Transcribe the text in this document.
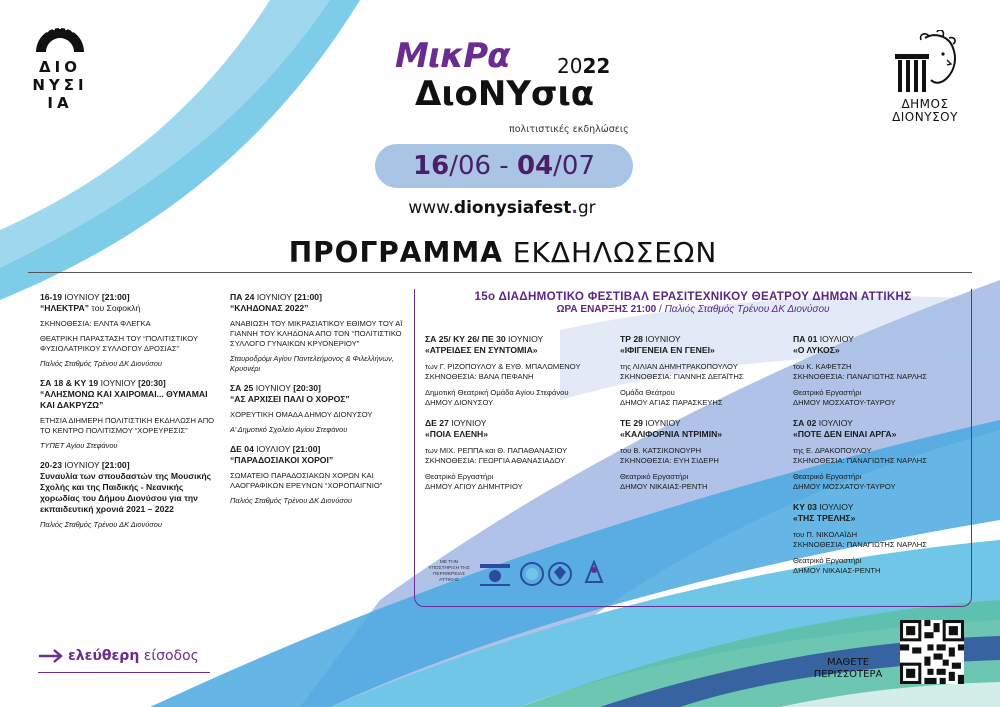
ΔΙΟ
ΝΥΣΙ
ΙΑ	ΔΗΜΟΣ
ΔΙΟΝΥΣΟΥ
ΜικΡα 2022
ΔιοΝΥσια
πολιτιστικές εκδηλώσεις
16/06 - 04/07
www.dionysiafest.gr
ΠΡΟΓΡΑΜΜΑ ΕΚΔΗΛΩΣΕΩΝ
16-19 ΙΟΥΝΙΟΥ [21:00]
“ΗΛΕΚΤΡΑ” του Σοφοκλή
ΣΚΗΝΟΘΕΣΙΑ: ΕΛΝΤΑ ΦΛΕΓΚΑ
ΘΕΑΤΡΙΚΗ ΠΑΡΑΣΤΑΣΗ ΤΟΥ “ΠΟΛΙΤΙΣΤΙΚΟΥ ΦΥΣΙΟΛΑΤΡΙΚΟΥ ΣΥΛΛΟΓΟΥ ΔΡΟΣΙΑΣ”
Παλιός Σταθμός Τρένου ΔΚ Διονύσου
ΣΑ 18 & ΚΥ 19 ΙΟΥΝΙΟΥ [20:30]
“ΑΛΗΣΜΟΝΩ ΚΑΙ ΧΑΙΡΟΜΑΙ... ΘΥΜΑΜΑΙ ΚΑΙ ΔΑΚΡΥΖΩ”
ΕΤΗΣΙΑ ΔΙΗΜΕΡΗ ΠΟΛΙΤΙΣΤΙΚΗ ΕΚΔΗΛΩΣΗ ΑΠΟ ΤΟ ΚΕΝΤΡΟ ΠΟΛΙΤΙΣΜΟΥ “ΧΟΡΕΥΡΕΣΙΣ”
ΤΥΠΕΤ Αγίου Στεφάνου
20-23 ΙΟΥΝΙΟΥ [21:00]
Συναυλία των σπουδαστών της Μουσικής Σχολής και της Παιδικής - Νεανικής χορωδίας του Δήμου Διονύσου για την εκπαιδευτική χρονιά 2021 – 2022
Παλιός Σταθμός Τρένου ΔΚ Διονύσου
ΠΑ 24 ΙΟΥΝΙΟΥ [21:00]
“ΚΛΗΔΟΝΑΣ 2022”
ΑΝΑΒΙΩΣΗ ΤΟΥ ΜΙΚΡΑΣΙΑΤΙΚΟΥ ΕΘΙΜΟΥ ΤΟΥ ΑΪ ΓΙΑΝΝΗ ΤΟΥ ΚΛΗΔΟΝΑ ΑΠΟ ΤΟΝ “ΠΟΛΙΤΙΣΤΙΚΟ ΣΥΛΛΟΓΟ ΓΥΝΑΙΚΩΝ ΚΡΥΟΝΕΡΙΟΥ”
Σταυροδρόμι Αγίου Παντελεήμονος & Φιλελλήνων, Κρυονέρι
ΣΑ 25 ΙΟΥΝΙΟΥ [20:30]
“ΑΣ ΑΡΧΙΣΕΙ ΠΑΛΙ Ο ΧΟΡΟΣ”
ΧΟΡΕΥΤΙΚΗ ΟΜΑΔΑ ΔΗΜΟΥ ΔΙΟΝΥΣΟΥ
Α’ Δημοτικό Σχολείο Αγίου Στεφάνου
ΔΕ 04 ΙΟΥΛΙΟΥ [21:00]
“ΠΑΡΑΔΟΣΙΑΚΟΙ ΧΟΡΟΙ”
ΣΩΜΑΤΕΙΟ ΠΑΡΑΔΟΣΙΑΚΩΝ ΧΟΡΩΝ ΚΑΙ ΛΑΟΓΡΑΦΙΚΩΝ ΕΡΕΥΝΩΝ “ΧΟΡΟΠΑΙΓΝΙΟ”
Παλιός Σταθμός Τρένου ΔΚ Διονύσου
15ο ΔΙΑΔΗΜΟΤΙΚΟ ΦΕΣΤΙΒΑΛ ΕΡΑΣΙΤΕΧΝΙΚΟΥ ΘΕΑΤΡΟΥ ΔΗΜΩΝ ΑΤΤΙΚΗΣ
ΩΡΑ ΕΝΑΡΞΗΣ 21:00 / Παλιός Σταθμός Τρένου ΔΚ Διονύσου
ΣΑ 25/ ΚΥ 26/ ΠΕ 30 ΙΟΥΝΙΟΥ
«ΑΤΡΕΙΔΕΣ ΕΝ ΣΥΝΤΟΜΙΑ»
των Γ. ΡΙΖΟΠΟΥΛΟΥ & ΕΥΘ. ΜΠΑΛΩΜΕΝΟΥ
ΣΚΗΝΟΘΕΣΙΑ: ΒΑΝΑ ΠΕΦΑΝΗ
Δημοτική Θεατρική Ομάδα Αγίου Στεφάνου
ΔΗΜΟΥ ΔΙΟΝΥΣΟΥ
ΔΕ 27 ΙΟΥΝΙΟΥ
«ΠΟΙΑ ΕΛΕΝΗ»
των ΜΙΧ. ΡΕΠΠΑ και Θ. ΠΑΠΑΘΑΝΑΣΙΟΥ
ΣΚΗΝΟΘΕΣΙΑ: ΓΕΩΡΓΙΑ ΑΘΑΝΑΣΙΑΔΟΥ
Θεατρικό Εργαστήρι
ΔΗΜΟΥ ΑΓΙΟΥ ΔΗΜΗΤΡΙΟΥ
ΤΡ 28 ΙΟΥΝΙΟΥ
«ΙΦΙΓΕΝΕΙΑ ΕΝ ΓΕΝΕΙ»
της ΛΙΛΙΑΝ ΔΗΜΗΤΡΑΚΟΠΟΥΛΟΥ
ΣΚΗΝΟΘΕΣΙΑ: ΓΙΑΝΝΗΣ ΔΕΓΑΪΤΗΣ
Ομάδα Θεάτρου
ΔΗΜΟΥ ΑΓΙΑΣ ΠΑΡΑΣΚΕΥΗΣ
ΤΕ 29 ΙΟΥΝΙΟΥ
«ΚΑΛΙΦΟΡΝΙΑ ΝΤΡΙΜΙΝ»
του Β. ΚΑΤΣΙΚΟΝΟΥΡΗ
ΣΚΗΝΟΘΕΣΙΑ: ΕΥΗ ΣΙΔΕΡΗ
Θεατρικό Εργαστήρι
ΔΗΜΟΥ ΝΙΚΑΙΑΣ-ΡΕΝΤΗ
ΠΑ 01 ΙΟΥΛΙΟΥ
«Ο ΛΥΚΟΣ»
του Κ. ΚΑΦΕΤΖΗ
ΣΚΗΝΟΘΕΣΙΑ: ΠΑΝΑΓΙΩΤΗΣ ΝΑΡΛΗΣ
Θεατρικό Εργαστήρι
ΔΗΜΟΥ ΜΟΣΧΑΤΟΥ-ΤΑΥΡΟΥ
ΣΑ 02 ΙΟΥΛΙΟΥ
«ΠΟΤΕ ΔΕΝ ΕΙΝΑΙ ΑΡΓΑ»
της Ε. ΔΡΑΚΟΠΟΥΛΟΥ
ΣΚΗΝΟΘΕΣΙΑ: ΠΑΝΑΓΙΩΤΗΣ ΝΑΡΛΗΣ
Θεατρικό Εργαστήρι
ΔΗΜΟΥ ΜΟΣΧΑΤΟΥ-ΤΑΥΡΟΥ
ΚΥ 03 ΙΟΥΛΙΟΥ
«ΤΗΣ ΤΡΕΛΗΣ»
του Π. ΝΙΚΟΛΑΪΔΗ
ΣΚΗΝΟΘΕΣΙΑ: ΠΑΝΑΓΙΩΤΗΣ ΝΑΡΛΗΣ
Θεατρικό Εργαστήρι
ΔΗΜΟΥ ΝΙΚΑΙΑΣ-ΡΕΝΤΗ
ΜΕ ΤΗΝ ΥΠΟΣΤΗΡΙΞΗ ΤΗΣ ΠΕΡΙΦΕΡΕΙΑΣ ΑΤΤΙΚΗΣ
ελεύθερη είσοδος	ΜΑΘΕΤΕ
ΠΕΡΙΣΣΟΤΕΡΑ
